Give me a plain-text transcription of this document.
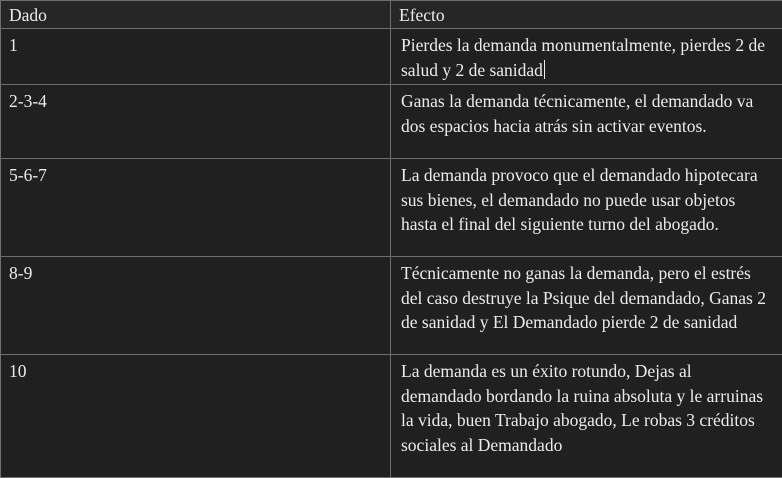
Dado	Efecto
1	Pierdes la demanda monumentalmente, pierdes 2 de salud y 2 de sanidad
2-3-4	Ganas la demanda técnicamente, el demandado va dos espacios hacia atrás sin activar eventos.
5-6-7	La demanda provoco que el demandado hipotecara sus bienes, el demandado no puede usar objetos hasta el final del siguiente turno del abogado.
8-9	Técnicamente no ganas la demanda, pero el estrés del caso destruye la Psique del demandado, Ganas 2 de sanidad y El Demandado pierde 2 de sanidad
10	La demanda es un éxito rotundo, Dejas al demandado bordando la ruina absoluta y le arruinas la vida, buen Trabajo abogado, Le robas 3 créditos sociales al Demandado
